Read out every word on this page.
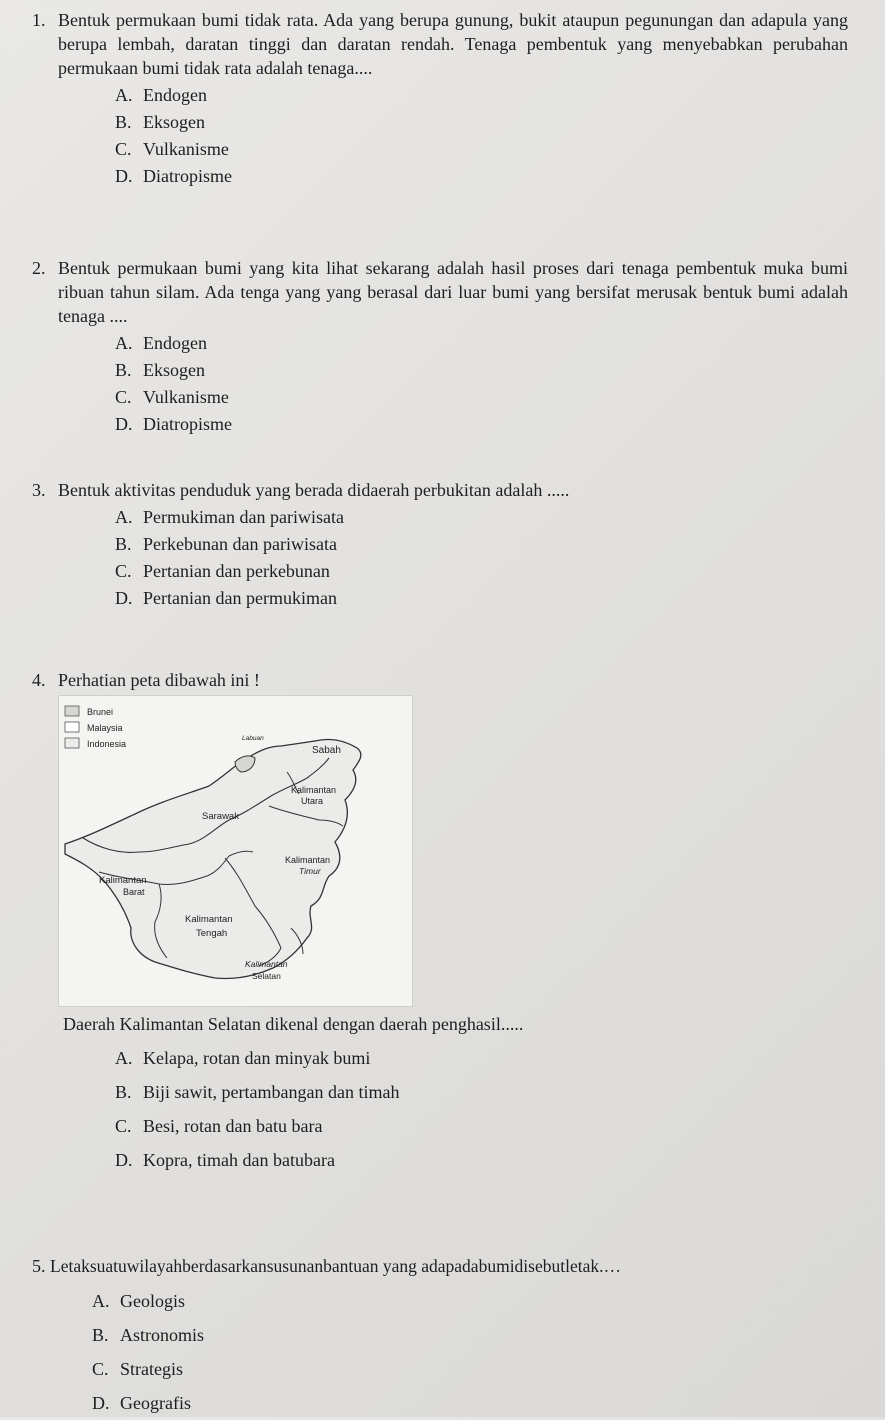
1. Bentuk permukaan bumi tidak rata. Ada yang berupa gunung, bukit ataupun pegunungan dan adapula yang berupa lembah, daratan tinggi dan daratan rendah. Tenaga pembentuk yang menyebabkan perubahan permukaan bumi tidak rata adalah tenaga....
A. Endogen
B. Eksogen
C. Vulkanisme
D. Diatropisme
2. Bentuk permukaan bumi yang kita lihat sekarang adalah hasil proses dari tenaga pembentuk muka bumi ribuan tahun silam. Ada tenga yang yang berasal dari luar bumi yang bersifat merusak bentuk bumi adalah tenaga ....
A. Endogen
B. Eksogen
C. Vulkanisme
D. Diatropisme
3. Bentuk aktivitas penduduk yang berada didaerah perbukitan adalah .....
A. Permukiman dan pariwisata
B. Perkebunan dan pariwisata
C. Pertanian dan perkebunan
D. Pertanian dan permukiman
4. Perhatian peta dibawah ini !
Brunei
Malaysia
Indonesia
Labuan
Sabah
Kalimantan
Utara
Sarawak
Kalimantan
Timur
Kalimantan
Barat
Kalimantan
Tengah
Kalimantan
Selatan
Daerah Kalimantan Selatan dikenal dengan daerah penghasil.....
A. Kelapa, rotan dan minyak bumi
B. Biji sawit, pertambangan dan timah
C. Besi, rotan dan batu bara
D. Kopra, timah dan batubara
5. Letaksuatuwilayahberdasarkansusunanbantuan yang adapadabumidisebutletak.…
A. Geologis
B. Astronomis
C. Strategis
D. Geografis
